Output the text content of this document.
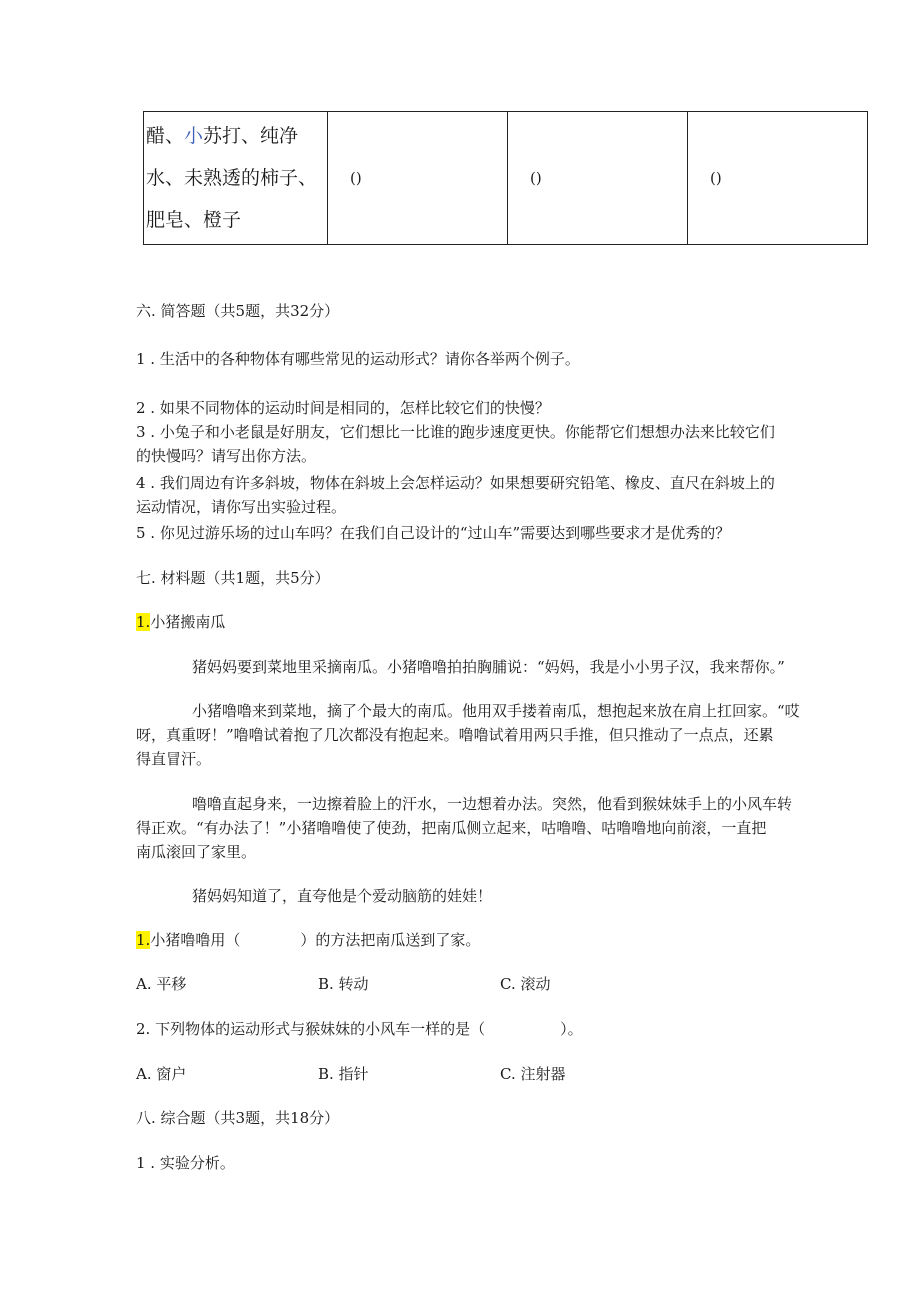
醋、小苏打、纯净
水、未熟透的柿子、
肥皂、橙子
	()	()	()
六. 简答题（共5题，共32分）
1 . 生活中的各种物体有哪些常见的运动形式？请你各举两个例子。
2 . 如果不同物体的运动时间是相同的，怎样比较它们的快慢？
3 . 小兔子和小老鼠是好朋友，它们想比一比谁的跑步速度更快。你能帮它们想想办法来比较它们
的快慢吗？请写出你方法。
4 . 我们周边有许多斜坡，物体在斜坡上会怎样运动？如果想要研究铅笔、橡皮、直尺在斜坡上的
运动情况，请你写出实验过程。
5 . 你见过游乐场的过山车吗？在我们自己设计的“过山车”需要达到哪些要求才是优秀的？
七. 材料题（共1题，共5分）
1.小猪搬南瓜
猪妈妈要到菜地里采摘南瓜。小猪噜噜拍拍胸脯说：“妈妈，我是小小男子汉，我来帮你。”
小猪噜噜来到菜地，摘了个最大的南瓜。他用双手搂着南瓜，想抱起来放在肩上扛回家。“哎
呀，真重呀！”噜噜试着抱了几次都没有抱起来。噜噜试着用两只手推，但只推动了一点点，还累
得直冒汗。
噜噜直起身来，一边擦着脸上的汗水，一边想着办法。突然，他看到猴妹妹手上的小风车转
得正欢。“有办法了！”小猪噜噜使了使劲，把南瓜侧立起来，咕噜噜、咕噜噜地向前滚，一直把
南瓜滚回了家里。
猪妈妈知道了，直夸他是个爱动脑筋的娃娃！
1.小猪噜噜用（　　　　）的方法把南瓜送到了家。
A. 平移	B. 转动	C. 滚动
2. 下列物体的运动形式与猴妹妹的小风车一样的是（　　　　　）。
A. 窗户	B. 指针	C. 注射器
八. 综合题（共3题，共18分）
1 . 实验分析。
